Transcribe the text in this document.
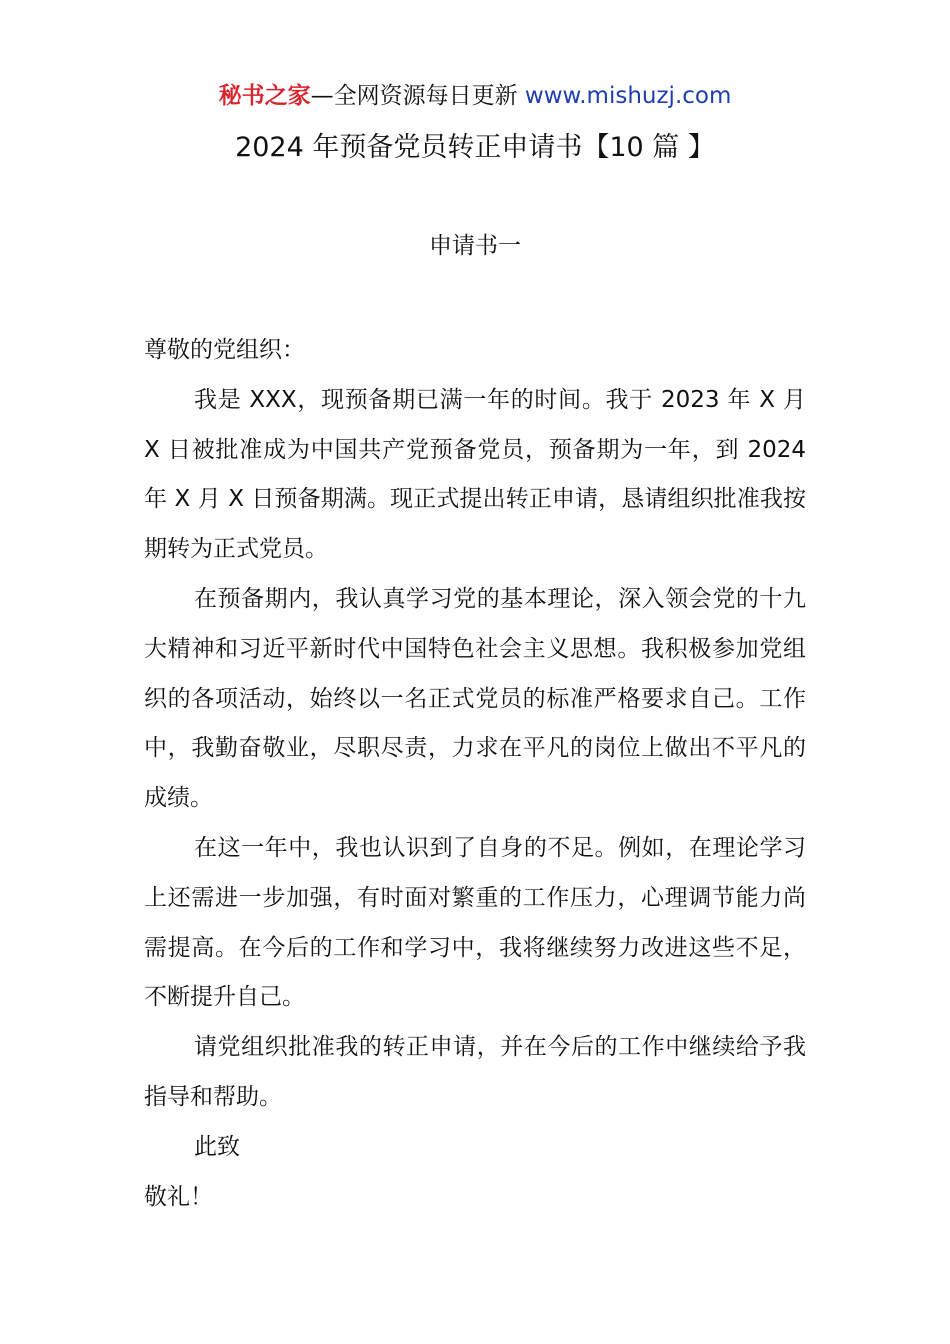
秘书之家—全网资源每日更新 www.mishuzj.com
2024 年预备党员转正申请书【10 篇 】
申请书一

尊敬的党组织：

我是 XXX，现预备期已满一年的时间。我于 2023 年 X 月 X 日被批准成为中国共产党预备党员，预备期为一年，到 2024 年 X 月 X 日预备期满。现正式提出转正申请，恳请组织批准我按期转为正式党员。

在预备期内，我认真学习党的基本理论，深入领会党的十九大精神和习近平新时代中国特色社会主义思想。我积极参加党组织的各项活动，始终以一名正式党员的标准严格要求自己。工作中，我勤奋敬业，尽职尽责，力求在平凡的岗位上做出不平凡的成绩。

在这一年中，我也认识到了自身的不足。例如，在理论学习上还需进一步加强，有时面对繁重的工作压力，心理调节能力尚需提高。在今后的工作和学习中，我将继续努力改进这些不足，不断提升自己。

请党组织批准我的转正申请，并在今后的工作中继续给予我指导和帮助。

此致

敬礼！
